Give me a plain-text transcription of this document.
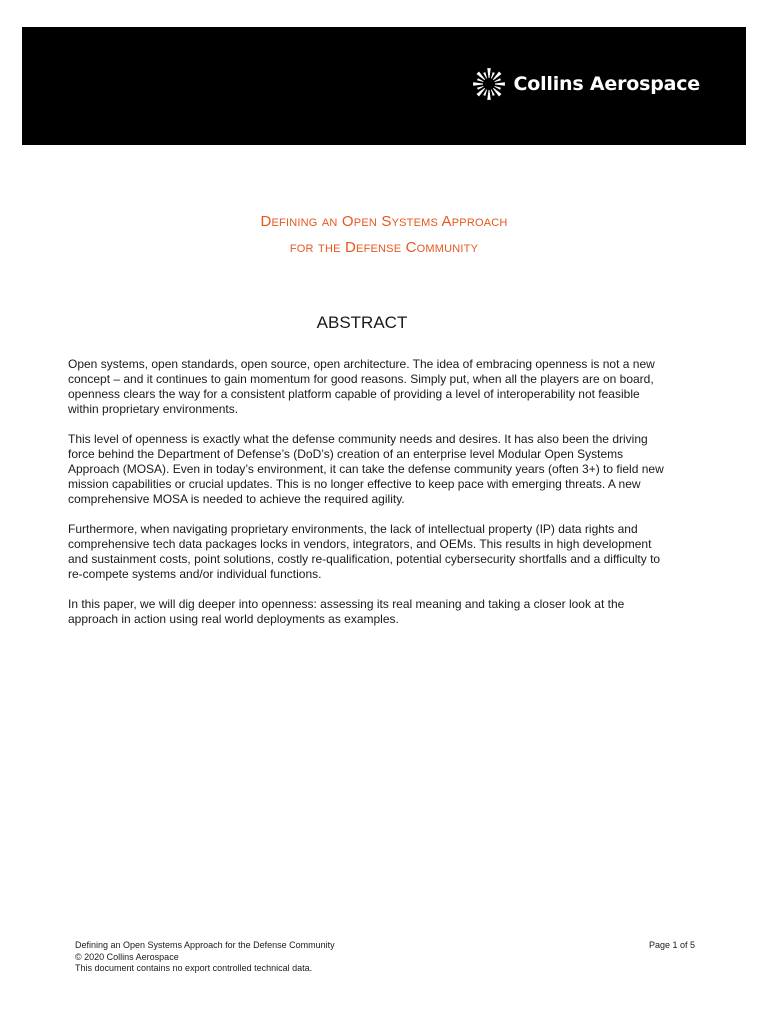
Collins Aerospace
Defining an Open Systems Approach
for the Defense Community
ABSTRACT

Open systems, open standards, open source, open architecture. The idea of embracing openness is not a new concept – and it continues to gain momentum for good reasons. Simply put, when all the players are on board, openness clears the way for a consistent platform capable of providing a level of interoperability not feasible within proprietary environments.

This level of openness is exactly what the defense community needs and desires. It has also been the driving force behind the Department of Defense’s (DoD’s) creation of an enterprise level Modular Open Systems Approach (MOSA). Even in today’s environment, it can take the defense community years (often 3+) to field new mission capabilities or crucial updates. This is no longer effective to keep pace with emerging threats. A new comprehensive MOSA is needed to achieve the required agility.

Furthermore, when navigating proprietary environments, the lack of intellectual property (IP) data rights and comprehensive tech data packages locks in vendors, integrators, and OEMs. This results in high development and sustainment costs, point solutions, costly re-qualification, potential cybersecurity shortfalls and a difficulty to re-compete systems and/or individual functions.

In this paper, we will dig deeper into openness: assessing its real meaning and taking a closer look at the approach in action using real world deployments as examples.

Defining an Open Systems Approach for the Defense Community
© 2020 Collins Aerospace
This document contains no export controlled technical data.
Page 1 of 5
